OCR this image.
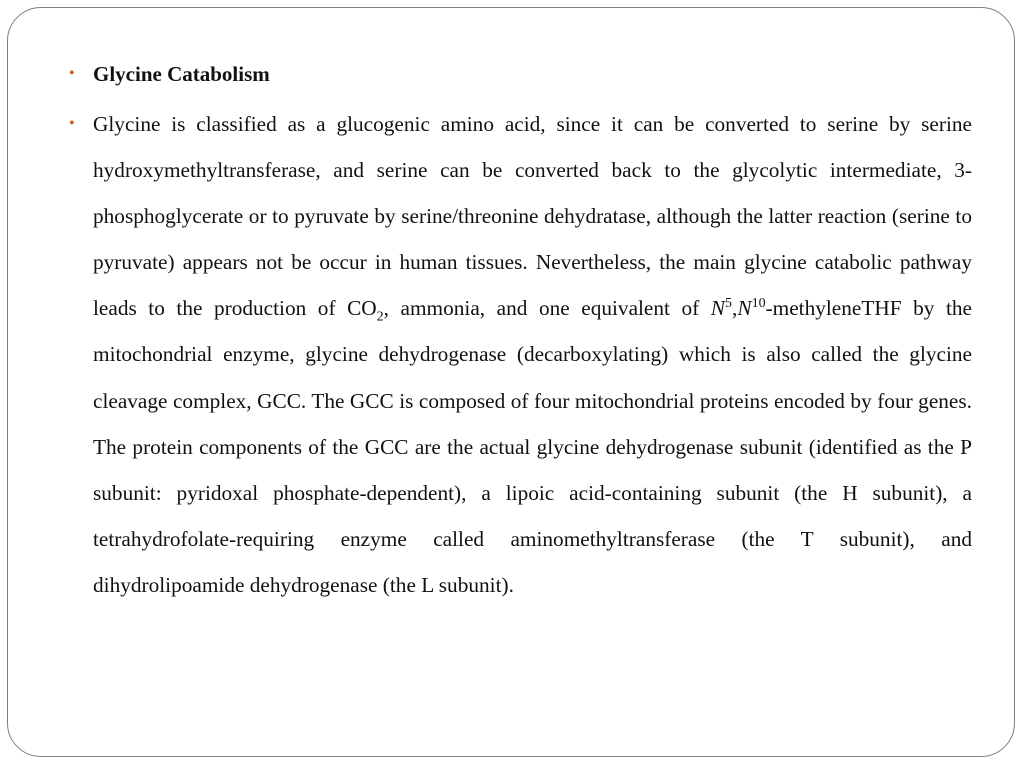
• Glycine Catabolism

• Glycine is classified as a glucogenic amino acid, since it can be converted to serine by serine hydroxymethyltransferase, and serine can be converted back to the glycolytic intermediate, 3-phosphoglycerate or to pyruvate by serine/threonine dehydratase, although the latter reaction (serine to pyruvate) appears not be occur in human tissues. Nevertheless, the main glycine catabolic pathway leads to the production of $CO_2$, ammonia, and one equivalent of $N^5,N^{10}$-methyleneTHF by the mitochondrial enzyme, glycine dehydrogenase (decarboxylating) which is also called the glycine cleavage complex, GCC. The GCC is composed of four mitochondrial proteins encoded by four genes. The protein components of the GCC are the actual glycine dehydrogenase subunit (identified as the P subunit: pyridoxal phosphate-dependent), a lipoic acid-containing subunit (the H subunit), a tetrahydrofolate-requiring enzyme called aminomethyltransferase (the T subunit), and dihydrolipoamide dehydrogenase (the L subunit).
